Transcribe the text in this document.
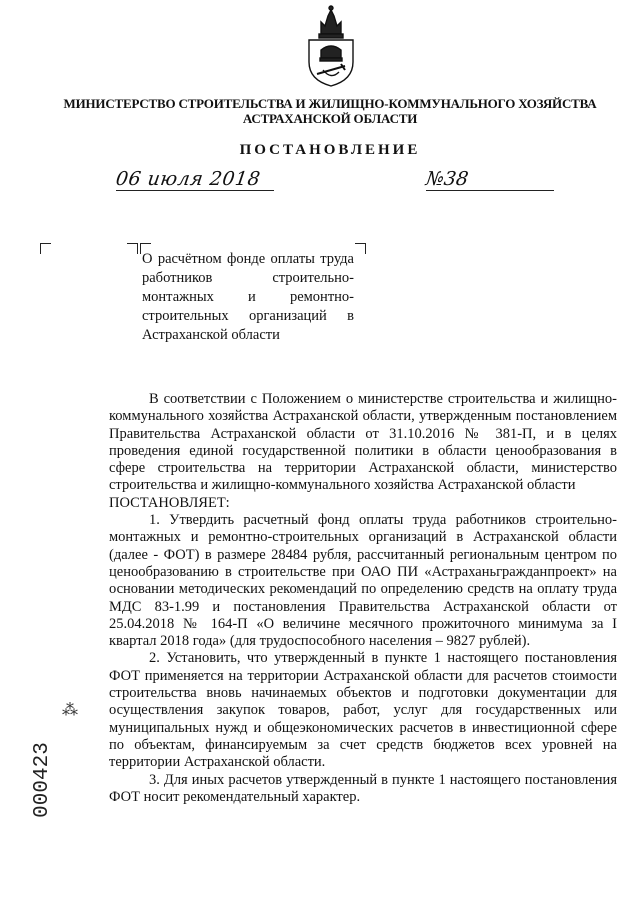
МИНИСТЕРСТВО СТРОИТЕЛЬСТВА И ЖИЛИЩНО-КОММУНАЛЬНОГО ХОЗЯЙСТВА
АСТРАХАНСКОЙ ОБЛАСТИ
ПОСТАНОВЛЕНИЕ
06 июля 2018	№38
О расчётном фонде оплаты труда работников строительно-монтажных и ремонтно-строительных организаций в Астраханской области

В соответствии с Положением о министерстве строительства и жилищно-коммунального хозяйства Астраханской области, утвержденным постановлением Правительства Астраханской области от 31.10.2016 № 381-П, и в целях проведения единой государственной политики в области ценообразования в сфере строительства на территории Астраханской области, министерство строительства и жилищно-коммунального хозяйства Астраханской области

ПОСТАНОВЛЯЕТ:

1. Утвердить расчетный фонд оплаты труда работников строительно-монтажных и ремонтно-строительных организаций в Астраханской области (далее - ФОТ) в размере 28484 рубля, рассчитанный региональным центром по ценообразованию в строительстве при ОАО ПИ «Астраханьгражданпроект» на основании методических рекомендаций по определению средств на оплату труда МДС 83-1.99 и постановления Правительства Астраханской области от 25.04.2018 № 164-П «О величине месячного прожиточного минимума за I квартал 2018 года» (для трудоспособного населения – 9827 рублей).

2. Установить, что утвержденный в пункте 1 настоящего постановления ФОТ применяется на территории Астраханской области для расчетов стоимости строительства вновь начинаемых объектов и подготовки документации для осуществления закупок товаров, работ, услуг для государственных или муниципальных нужд и общеэкономических расчетов в инвестиционной сфере по объектам, финансируемым за счет средств бюджетов всех уровней на территории Астраханской области.

3. Для иных расчетов утвержденный в пункте 1 настоящего постановления ФОТ носит рекомендательный характер.

⁂
000423
